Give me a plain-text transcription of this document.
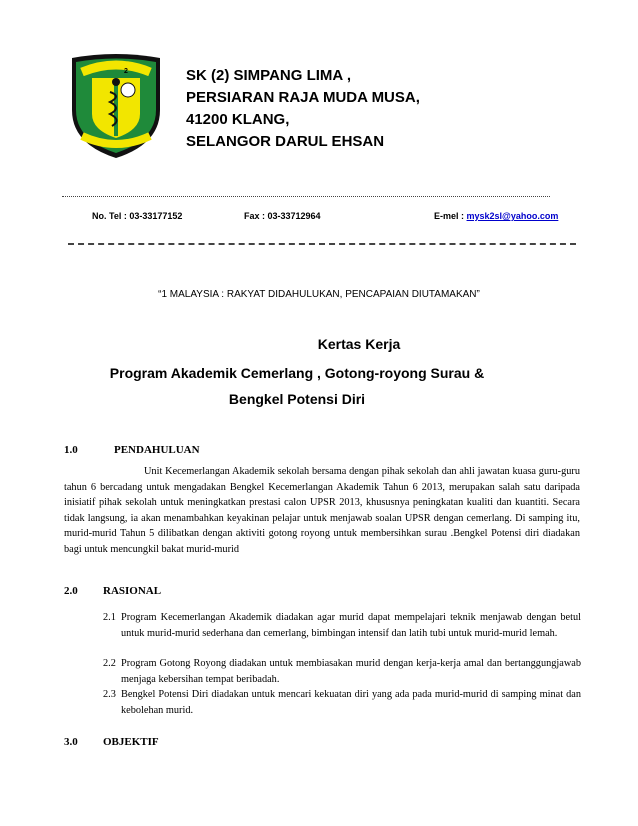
2	SK (2) SIMPANG LIMA ,
PERSIARAN RAJA MUDA MUSA,
41200 KLANG,
SELANGOR DARUL EHSAN
No. Tel : 03-33177152	Fax : 03-33712964	E-mel : mysk2sl@yahoo.com
“1 MALAYSIA : RAKYAT DIDAHULUKAN, PENCAPAIAN DIUTAMAKAN”
Kertas Kerja
Program Akademik Cemerlang , Gotong-royong Surau &
Bengkel Potensi Diri
1.0	PENDAHULUAN
Unit Kecemerlangan Akademik sekolah bersama dengan pihak sekolah dan ahli jawatan kuasa guru-guru tahun 6 bercadang untuk mengadakan Bengkel Kecemerlangan Akademik Tahun 6 2013, merupakan salah satu daripada inisiatif pihak sekolah untuk meningkatkan prestasi calon UPSR 2013, khususnya peningkatan kualiti dan kuantiti. Secara tidak langsung, ia akan menambahkan keyakinan pelajar untuk menjawab soalan UPSR dengan cemerlang. Di samping itu, murid-murid Tahun 5 dilibatkan dengan aktiviti gotong royong untuk membersihkan surau .Bengkel Potensi diri diadakan bagi untuk mencungkil bakat murid-murid
2.0 RASIONAL
2.1 Program Kecemerlangan Akademik diadakan agar murid dapat mempelajari teknik menjawab dengan betul untuk murid-murid sederhana dan cemerlang, bimbingan intensif dan latih tubi untuk murid-murid lemah.
2.2 Program Gotong Royong diadakan untuk membiasakan murid dengan kerja-kerja amal dan bertanggungjawab menjaga kebersihan tempat beribadah.
2.3 Bengkel Potensi Diri diadakan untuk mencari kekuatan diri yang ada pada murid-murid di samping minat dan kebolehan murid.
3.0 OBJEKTIF
